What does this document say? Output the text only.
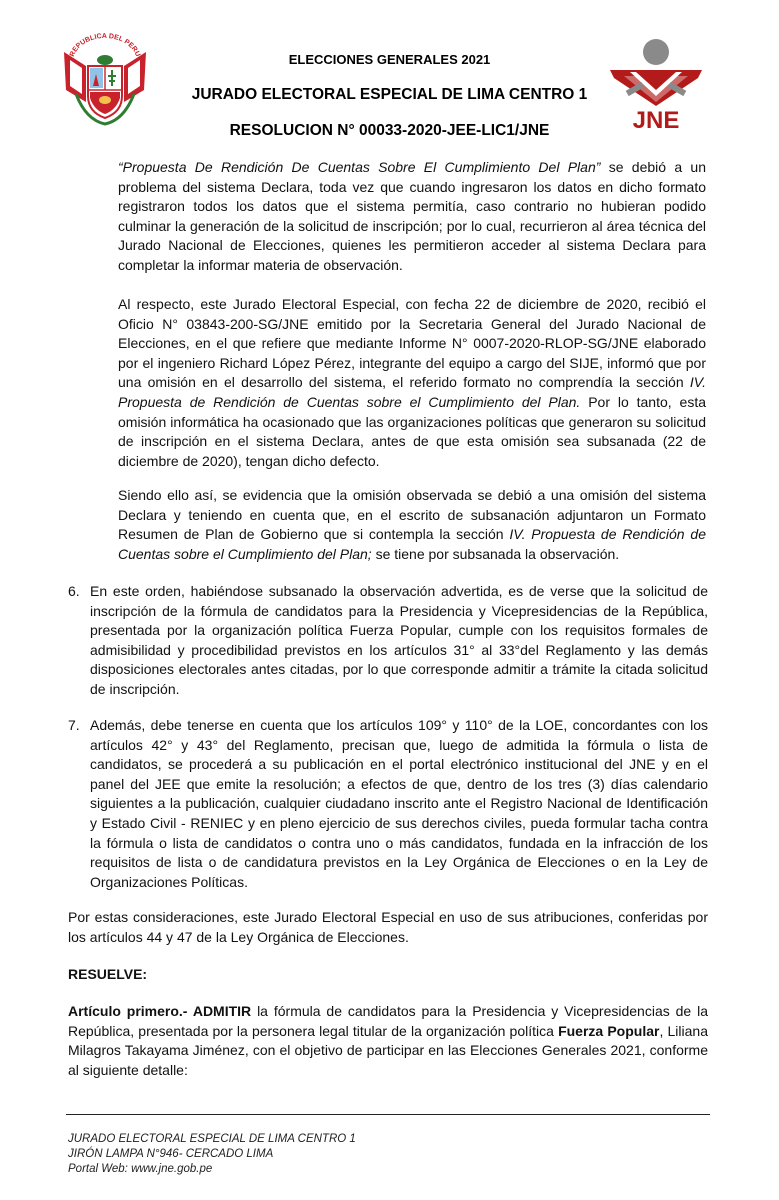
REPUBLICA DEL PERU
JNE
ELECCIONES GENERALES 2021
JURADO ELECTORAL ESPECIAL DE LIMA CENTRO 1
RESOLUCION N° 00033-2020-JEE-LIC1/JNE

“Propuesta De Rendición De Cuentas Sobre El Cumplimiento Del Plan” se debió a un problema del sistema Declara, toda vez que cuando ingresaron los datos en dicho formato registraron todos los datos que el sistema permitía, caso contrario no hubieran podido culminar la generación de la solicitud de inscripción; por lo cual, recurrieron al área técnica del Jurado Nacional de Elecciones, quienes les permitieron acceder al sistema Declara para completar la informar materia de observación.

Al respecto, este Jurado Electoral Especial, con fecha 22 de diciembre de 2020, recibió el Oficio N° 03843-200-SG/JNE emitido por la Secretaria General del Jurado Nacional de Elecciones, en el que refiere que mediante Informe N° 0007-2020-RLOP-SG/JNE elaborado por el ingeniero Richard López Pérez, integrante del equipo a cargo del SIJE, informó que por una omisión en el desarrollo del sistema, el referido formato no comprendía la sección IV. Propuesta de Rendición de Cuentas sobre el Cumplimiento del Plan. Por lo tanto, esta omisión informática ha ocasionado que las organizaciones políticas que generaron su solicitud de inscripción en el sistema Declara, antes de que esta omisión sea subsanada (22 de diciembre de 2020), tengan dicho defecto.

Siendo ello así, se evidencia que la omisión observada se debió a una omisión del sistema Declara y teniendo en cuenta que, en el escrito de subsanación adjuntaron un Formato Resumen de Plan de Gobierno que si contempla la sección IV. Propuesta de Rendición de Cuentas sobre el Cumplimiento del Plan; se tiene por subsanada la observación.

6. En este orden, habiéndose subsanado la observación advertida, es de verse que la solicitud de inscripción de la fórmula de candidatos para la Presidencia y Vicepresidencias de la República, presentada por la organización política Fuerza Popular, cumple con los requisitos formales de admisibilidad y procedibilidad previstos en los artículos 31° al 33°del Reglamento y las demás disposiciones electorales antes citadas, por lo que corresponde admitir a trámite la citada solicitud de inscripción.
7. Además, debe tenerse en cuenta que los artículos 109° y 110° de la LOE, concordantes con los artículos 42° y 43° del Reglamento, precisan que, luego de admitida la fórmula o lista de candidatos, se procederá a su publicación en el portal electrónico institucional del JNE y en el panel del JEE que emite la resolución; a efectos de que, dentro de los tres (3) días calendario siguientes a la publicación, cualquier ciudadano inscrito ante el Registro Nacional de Identificación y Estado Civil - RENIEC y en pleno ejercicio de sus derechos civiles, pueda formular tacha contra la fórmula o lista de candidatos o contra uno o más candidatos, fundada en la infracción de los requisitos de lista o de candidatura previstos en la Ley Orgánica de Elecciones o en la Ley de Organizaciones Políticas.

Por estas consideraciones, este Jurado Electoral Especial en uso de sus atribuciones, conferidas por los artículos 44 y 47 de la Ley Orgánica de Elecciones.

RESUELVE:

Artículo primero.- ADMITIR la fórmula de candidatos para la Presidencia y Vicepresidencias de la República, presentada por la personera legal titular de la organización política Fuerza Popular, Liliana Milagros Takayama Jiménez, con el objetivo de participar en las Elecciones Generales 2021, conforme al siguiente detalle:

JURADO ELECTORAL ESPECIAL DE LIMA CENTRO 1
JIRÓN LAMPA N°946- CERCADO LIMA
Portal Web: www.jne.gob.pe
